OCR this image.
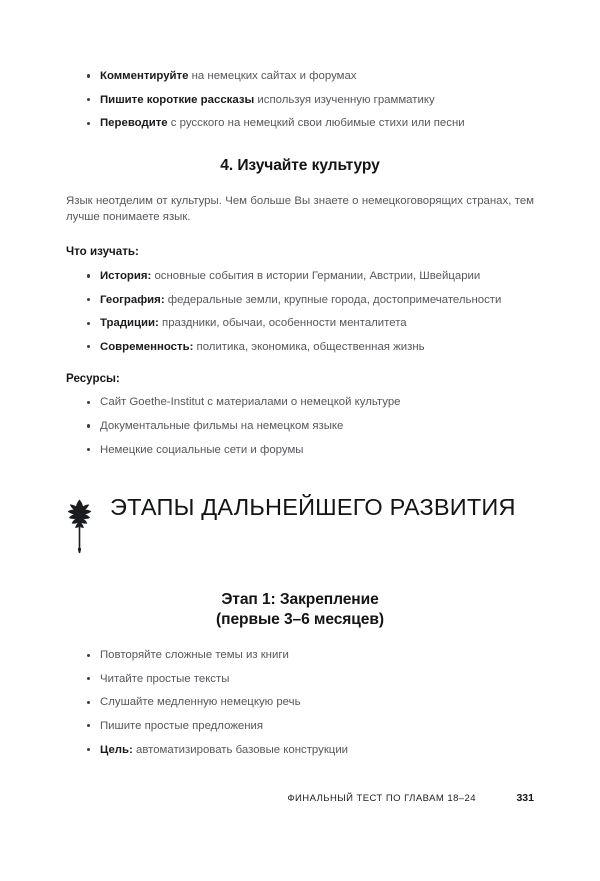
Комментируйте на немецких сайтах и форумах
Пишите короткие рассказы используя изученную грамматику
Переводите с русского на немецкий свои любимые стихи или песни
4. Изучайте культуру

Язык неотделим от культуры. Чем больше Вы знаете о немецкоговорящих странах, тем лучше понимаете язык.

Что изучать:
История: основные события в истории Германии, Австрии, Швейцарии
География: федеральные земли, крупные города, достопримечательности
Традиции: праздники, обычаи, особенности менталитета
Современность: политика, экономика, общественная жизнь
Ресурсы:
Сайт Goethe-Institut с материалами о немецкой культуре
Документальные фильмы на немецком языке
Немецкие социальные сети и форумы
ЭТАПЫ ДАЛЬНЕЙШЕГО РАЗВИТИЯ
Этап 1: Закрепление
(первые 3–6 месяцев)
Повторяйте сложные темы из книги
Читайте простые тексты
Слушайте медленную немецкую речь
Пишите простые предложения
Цель: автоматизировать базовые конструкции
ФИНАЛЬНЫЙ ТЕСТ ПО ГЛАВАМ 18–24	331
